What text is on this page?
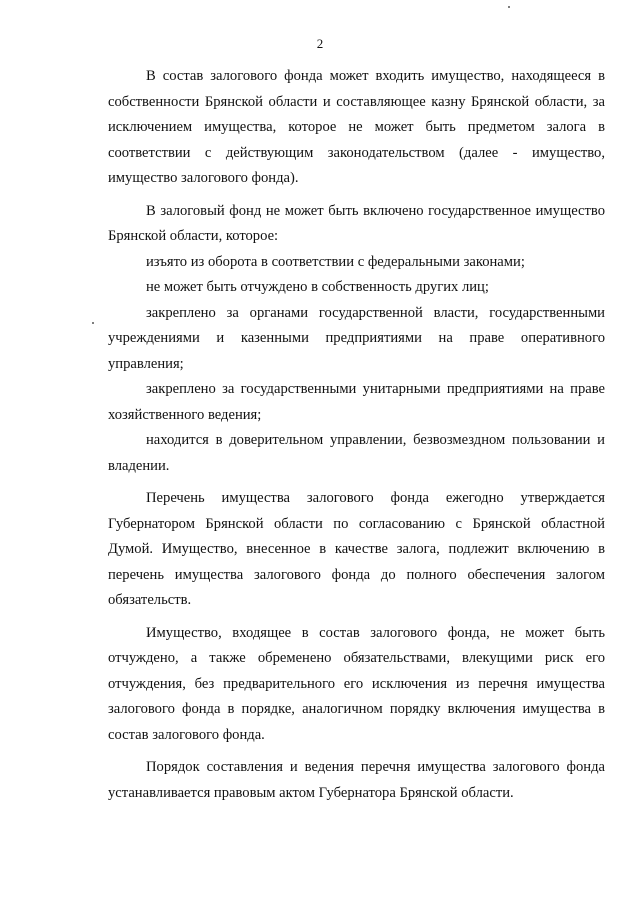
2

В состав залогового фонда может входить имущество, находящееся в собственности Брянской области и составляющее казну Брянской области, за исключением имущества, которое не может быть предметом залога в соответствии с действующим законодательством (далее - имущество, имущество залогового фонда).

В залоговый фонд не может быть включено государственное имущество Брянской области, которое:

изъято из оборота в соответствии с федеральными законами;

не может быть отчуждено в собственность других лиц;

закреплено за органами государственной власти, государственными учреждениями и казенными предприятиями на праве оперативного управления;

закреплено за государственными унитарными предприятиями на праве хозяйственного ведения;

находится в доверительном управлении, безвозмездном пользовании и владении.

Перечень имущества залогового фонда ежегодно утверждается Губернатором Брянской области по согласованию с Брянской областной Думой. Имущество, внесенное в качестве залога, подлежит включению в перечень имущества залогового фонда до полного обеспечения залогом обязательств.

Имущество, входящее в состав залогового фонда, не может быть отчуждено, а также обременено обязательствами, влекущими риск его отчуждения, без предварительного его исключения из перечня имущества залогового фонда в порядке, аналогичном порядку включения имущества в состав залогового фонда.

Порядок составления и ведения перечня имущества залогового фонда устанавливается правовым актом Губернатора Брянской области.
